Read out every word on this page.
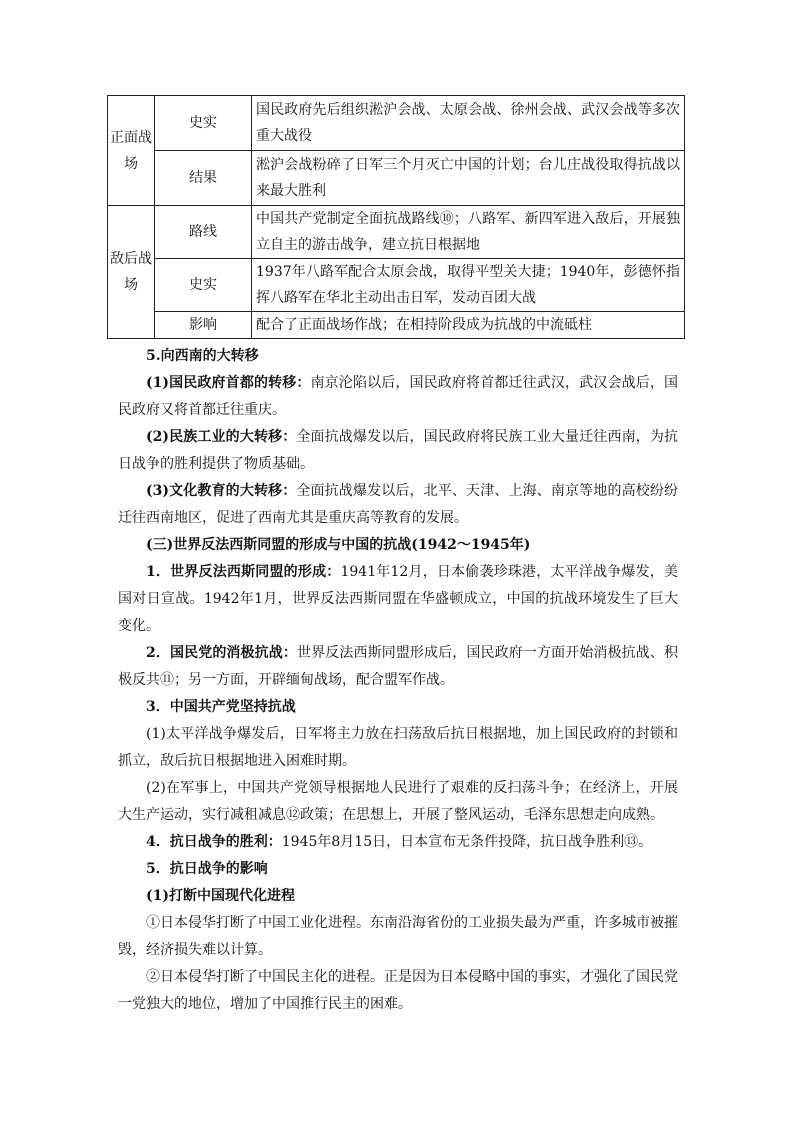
正面战场	史实	国民政府先后组织淞沪会战、太原会战、徐州会战、武汉会战等多次重大战役
	结果	淞沪会战粉碎了日军三个月灭亡中国的计划；台儿庄战役取得抗战以来最大胜利
敌后战场	路线	中国共产党制定全面抗战路线⑩；八路军、新四军进入敌后，开展独立自主的游击战争，建立抗日根据地
	史实	1937年八路军配合太原会战，取得平型关大捷；1940年，彭德怀指挥八路军在华北主动出击日军，发动百团大战
	影响	配合了正面战场作战；在相持阶段成为抗战的中流砥柱

5.向西南的大转移

(1)国民政府首都的转移：南京沦陷以后，国民政府将首都迁往武汉，武汉会战后，国民政府又将首都迁往重庆。

(2)民族工业的大转移：全面抗战爆发以后，国民政府将民族工业大量迁往西南，为抗日战争的胜利提供了物质基础。

(3)文化教育的大转移：全面抗战爆发以后，北平、天津、上海、南京等地的高校纷纷迁往西南地区，促进了西南尤其是重庆高等教育的发展。

(三)世界反法西斯同盟的形成与中国的抗战(1942～1945年)

1．世界反法西斯同盟的形成：1941年12月，日本偷袭珍珠港，太平洋战争爆发，美国对日宣战。1942年1月，世界反法西斯同盟在华盛顿成立，中国的抗战环境发生了巨大变化。

2．国民党的消极抗战：世界反法西斯同盟形成后，国民政府一方面开始消极抗战、积极反共⑪；另一方面，开辟缅甸战场，配合盟军作战。

3．中国共产党坚持抗战

(1)太平洋战争爆发后，日军将主力放在扫荡敌后抗日根据地，加上国民政府的封锁和抓立，敌后抗日根据地进入困难时期。

(2)在军事上，中国共产党领导根据地人民进行了艰难的反扫荡斗争；在经济上，开展大生产运动，实行减租减息⑫政策；在思想上，开展了整风运动，毛泽东思想走向成熟。

4．抗日战争的胜利：1945年8月15日，日本宣布无条件投降，抗日战争胜利⑬。

5．抗日战争的影响

(1)打断中国现代化进程

①日本侵华打断了中国工业化进程。东南沿海省份的工业损失最为严重，许多城市被摧毁，经济损失难以计算。

②日本侵华打断了中国民主化的进程。正是因为日本侵略中国的事实，才强化了国民党一党独大的地位，增加了中国推行民主的困难。
